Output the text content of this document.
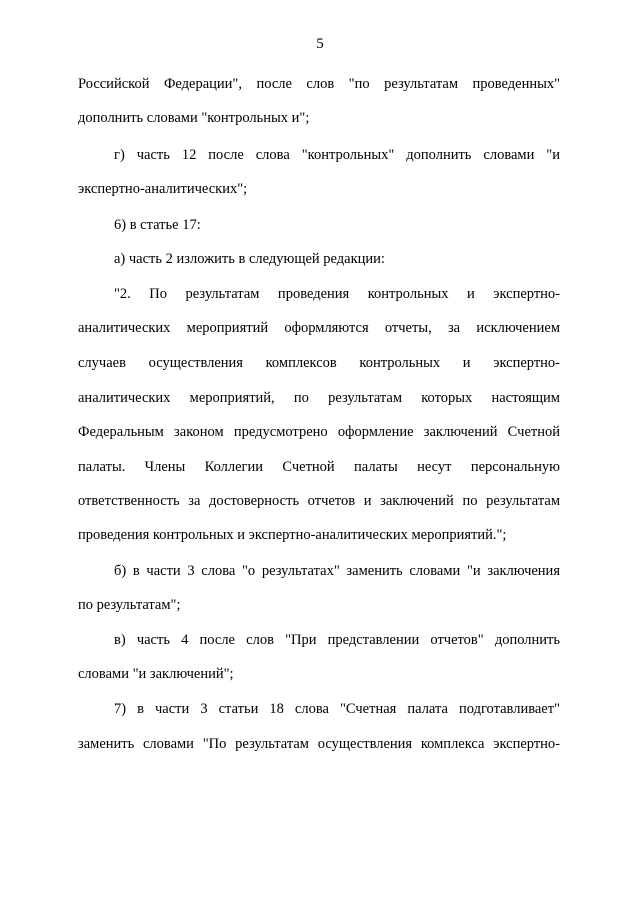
5
Российской Федерации", после слов "по результатам проведенных"
дополнить словами "контрольных и";
г) часть 12 после слова "контрольных" дополнить словами "и
экспертно-аналитических";
6) в статье 17:
а) часть 2 изложить в следующей редакции:
"2. По результатам проведения контрольных и экспертно-
аналитических мероприятий оформляются отчеты, за исключением
случаев осуществления комплексов контрольных и экспертно-
аналитических мероприятий, по результатам которых настоящим
Федеральным законом предусмотрено оформление заключений Счетной
палаты. Члены Коллегии Счетной палаты несут персональную
ответственность за достоверность отчетов и заключений по результатам
проведения контрольных и экспертно-аналитических мероприятий.";
б) в части 3 слова "о результатах" заменить словами "и заключения
по результатам";
в) часть 4 после слов "При представлении отчетов" дополнить
словами "и заключений";
7) в части 3 статьи 18 слова "Счетная палата подготавливает"
заменить словами "По результатам осуществления комплекса экспертно-
